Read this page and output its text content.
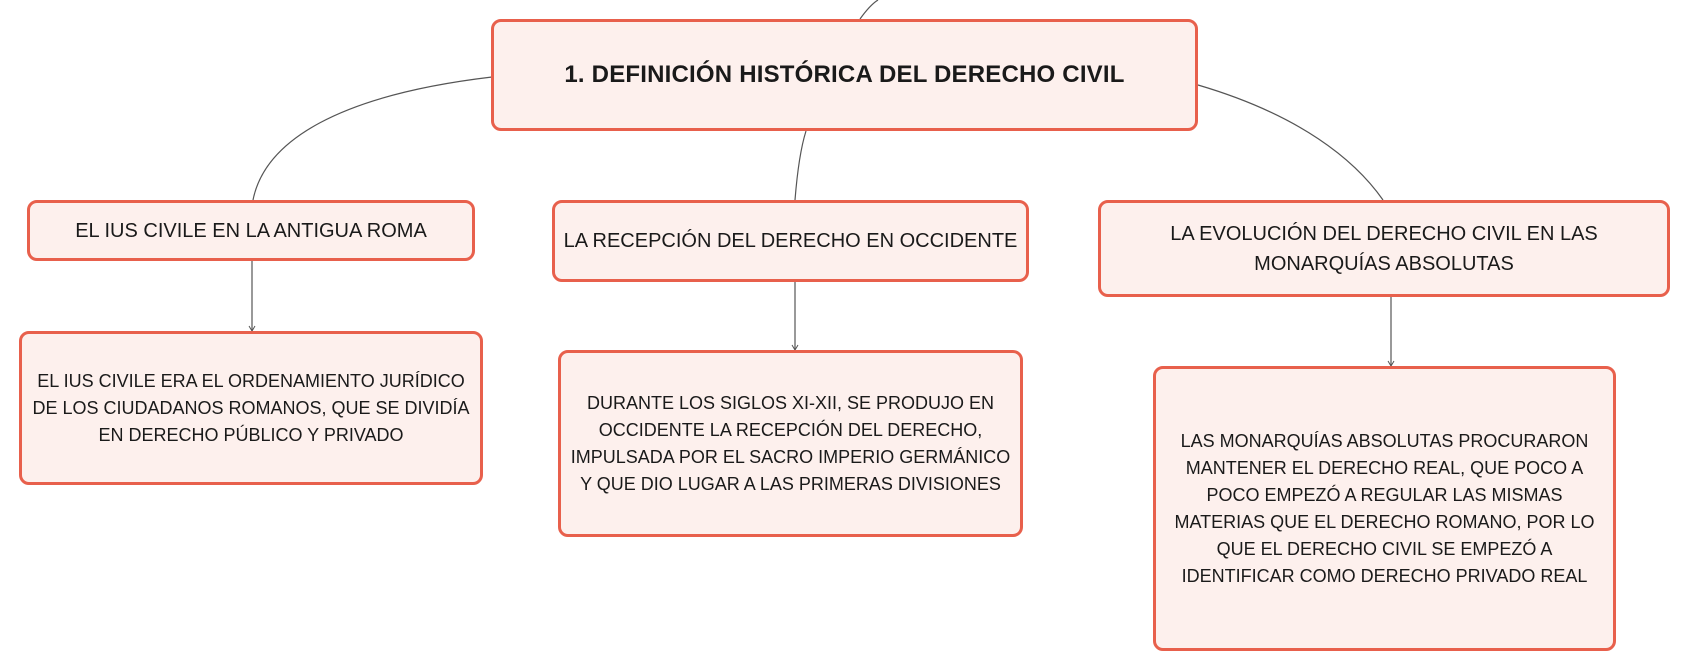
1. DEFINICIÓN HISTÓRICA DEL DERECHO CIVIL
EL IUS CIVILE EN LA ANTIGUA ROMA	LA RECEPCIÓN DEL DERECHO EN OCCIDENTE	LA EVOLUCIÓN DEL DERECHO CIVIL EN LAS MONARQUÍAS ABSOLUTAS
EL IUS CIVILE ERA EL ORDENAMIENTO JURÍDICO DE LOS CIUDADANOS ROMANOS, QUE SE DIVIDÍA EN DERECHO PÚBLICO Y PRIVADO
DURANTE LOS SIGLOS XI-XII, SE PRODUJO EN OCCIDENTE LA RECEPCIÓN DEL DERECHO, IMPULSADA POR EL SACRO IMPERIO GERMÁNICO Y QUE DIO LUGAR A LAS PRIMERAS DIVISIONES
LAS MONARQUÍAS ABSOLUTAS PROCURARON MANTENER EL DERECHO REAL, QUE POCO A POCO EMPEZÓ A REGULAR LAS MISMAS MATERIAS QUE EL DERECHO ROMANO, POR LO QUE EL DERECHO CIVIL SE EMPEZÓ A IDENTIFICAR COMO DERECHO PRIVADO REAL
